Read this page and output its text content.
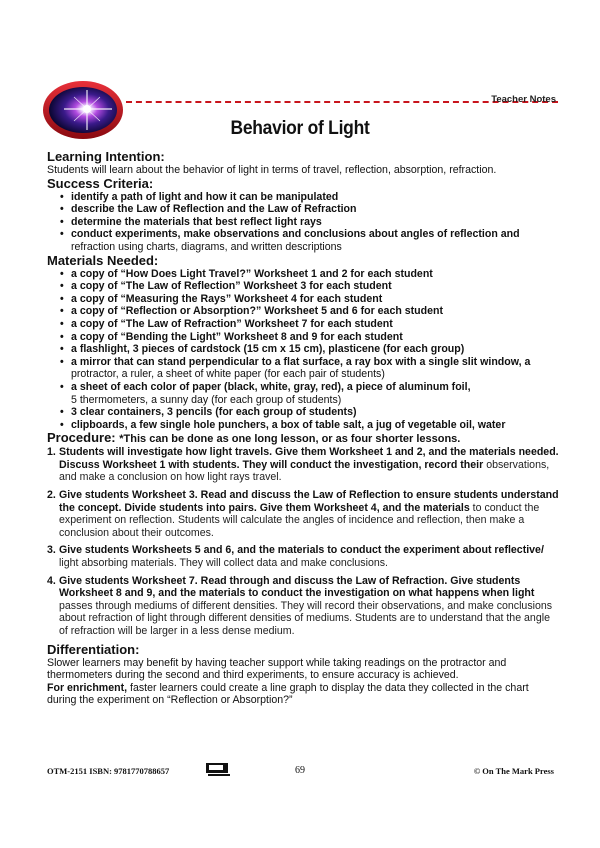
Teacher Notes
Behavior of Light

Learning Intention:

Students will learn about the behavior of light in terms of travel, reflection, absorption, refraction.

Success Criteria:

• identify a path of light and how it can be manipulated
• describe the Law of Reflection and the Law of Refraction
• determine the materials that best reflect light rays
• conduct experiments, make observations and conclusions about angles of reflection and
refraction using charts, diagrams, and written descriptions

Materials Needed:

• a copy of “How Does Light Travel?” Worksheet 1 and 2 for each student
• a copy of “The Law of Reflection” Worksheet 3 for each student
• a copy of “Measuring the Rays” Worksheet 4 for each student
• a copy of “Reflection or Absorption?” Worksheet 5 and 6 for each student
• a copy of “The Law of Refraction” Worksheet 7 for each student
• a copy of “Bending the Light” Worksheet 8 and 9 for each student
• a flashlight, 3 pieces of cardstock (15 cm x 15 cm), plasticene (for each group)
• a mirror that can stand perpendicular to a flat surface, a ray box with a single slit window, a
protractor, a ruler, a sheet of white paper (for each pair of students)
• a sheet of each color of paper (black, white, gray, red), a piece of aluminum foil,
5 thermometers, a sunny day (for each group of students)
• 3 clear containers, 3 pencils (for each group of students)
• clipboards, a few single hole punchers, a box of table salt, a jug of vegetable oil, water

Procedure: *This can be done as one long lesson, or as four shorter lessons.

1. Students will investigate how light travels. Give them Worksheet 1 and 2, and the materials needed. Discuss Worksheet 1 with students. They will conduct the investigation, record their observations, and make a conclusion on how light rays travel.
2. Give students Worksheet 3. Read and discuss the Law of Reflection to ensure students understand the concept. Divide students into pairs. Give them Worksheet 4, and the materials to conduct the experiment on reflection. Students will calculate the angles of incidence and reflection, then make a conclusion about their outcomes.
3. Give students Worksheets 5 and 6, and the materials to conduct the experiment about reflective/ light absorbing materials. They will collect data and make conclusions.
4. Give students Worksheet 7. Read through and discuss the Law of Refraction. Give students Worksheet 8 and 9, and the materials to conduct the investigation on what happens when light passes through mediums of different densities. They will record their observations, and make conclusions about refraction of light through different densities of mediums. Students are to understand that the angle of refraction will be larger in a less dense medium.

Differentiation:

Slower learners may benefit by having teacher support while taking readings on the protractor and thermometers during the second and third experiments, to ensure accuracy is achieved.

For enrichment, faster learners could create a line graph to display the data they collected in the chart during the experiment on “Reflection or Absorption?”

OTM-2151 ISBN: 9781770788657	69	© On The Mark Press
